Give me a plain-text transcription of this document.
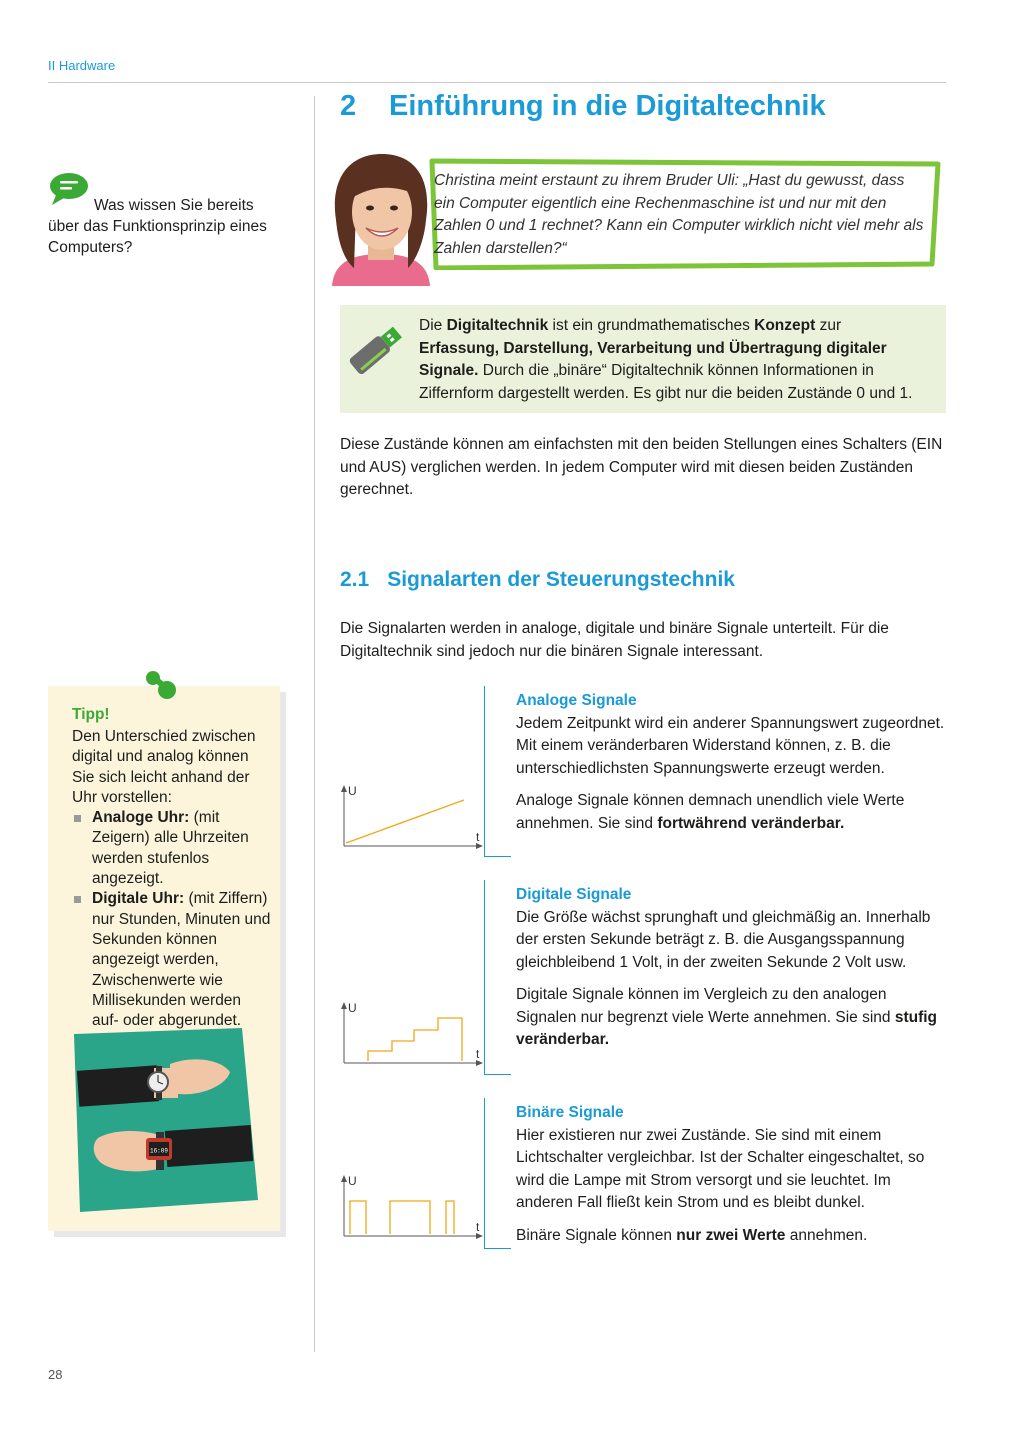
II Hardware
2 Einführung in die Digitaltechnik
Was wissen Sie bereits
über das Funktionsprinzip eines
Computers?
Christina meint erstaunt zu ihrem Bruder Uli: „Hast du gewusst, dass ein Computer eigentlich eine Rechenmaschine ist und nur mit den Zahlen 0 und 1 rechnet? Kann ein Computer wirklich nicht viel mehr als Zahlen darstellen?“
Die Digitaltechnik ist ein grundmathematisches Konzept zur Erfassung, Darstellung, Verarbeitung und Übertragung digitaler Signale. Durch die „binäre“ Digitaltechnik können Informationen in Ziffernform dargestellt werden. Es gibt nur die beiden Zustände 0 und 1.
Diese Zustände können am einfachsten mit den beiden Stellungen eines Schalters (EIN und AUS) verglichen werden. In jedem Computer wird mit diesen beiden Zuständen gerechnet.
2.1 Signalarten der Steuerungstechnik
Die Signalarten werden in analoge, digitale und binäre Signale unterteilt. Für die Digitaltechnik sind jedoch nur die binären Signale interessant.
U
t
Analoge Signale

Jedem Zeitpunkt wird ein anderer Spannungswert zugeordnet. Mit einem veränderbaren Widerstand können, z. B. die unterschiedlichsten Spannungswerte erzeugt werden.

Analoge Signale können demnach unendlich viele Werte annehmen. Sie sind fortwährend veränderbar.

U
t
Digitale Signale

Die Größe wächst sprunghaft und gleichmäßig an. Innerhalb der ersten Sekunde beträgt z. B. die Ausgangsspannung gleichbleibend 1 Volt, in der zweiten Sekunde 2 Volt usw.

Digitale Signale können im Vergleich zu den analogen Signalen nur begrenzt viele Werte annehmen. Sie sind stufig veränderbar.

U
t
Binäre Signale

Hier existieren nur zwei Zustände. Sie sind mit einem Lichtschalter vergleichbar. Ist der Schalter eingeschaltet, so wird die Lampe mit Strom versorgt und sie leuchtet. Im anderen Fall fließt kein Strom und es bleibt dunkel.

Binäre Signale können nur zwei Werte annehmen.

Tipp!
Den Unterschied zwischen digital und analog können Sie sich leicht anhand der Uhr vorstellen:
Analoge Uhr: (mit Zeigern) alle Uhrzeiten werden stufenlos angezeigt.
Digitale Uhr: (mit Ziffern) nur Stunden, Minuten und Sekunden können angezeigt werden, Zwischenwerte wie Millisekunden werden auf- oder abgerundet.
16:09
28
